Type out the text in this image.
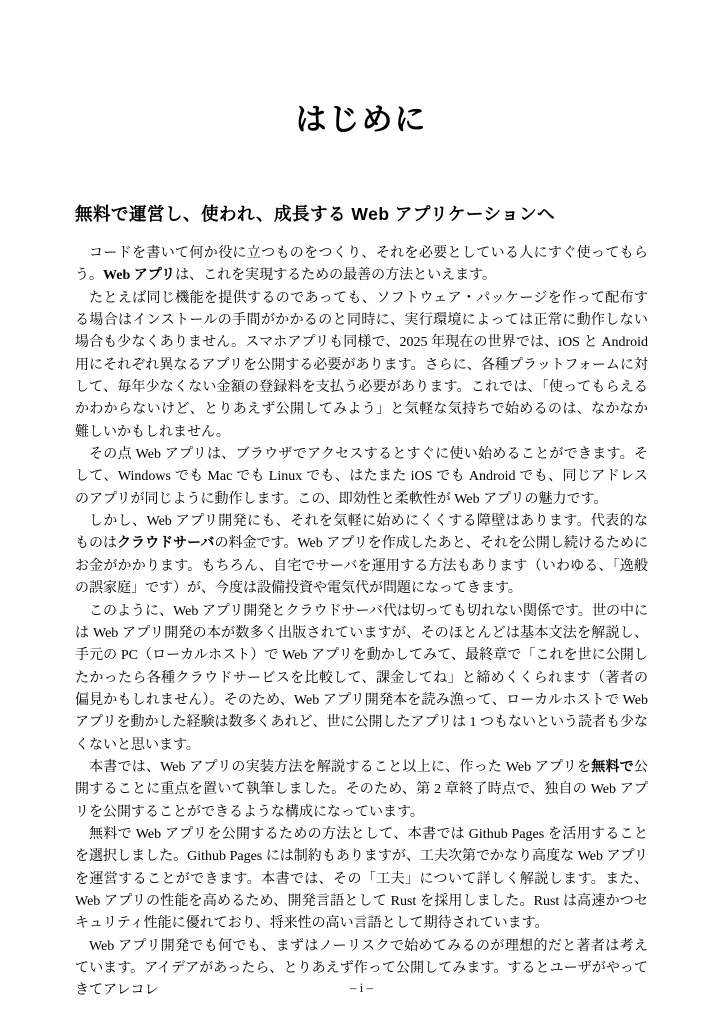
はじめに
無料で運営し、使われ、成長する Web アプリケーションへ

コードを書いて何か役に立つものをつくり、それを必要としている人にすぐ使ってもらう。Web アプリは、これを実現するための最善の方法といえます。

たとえば同じ機能を提供するのであっても、ソフトウェア・パッケージを作って配布する場合はインストールの手間がかかるのと同時に、実行環境によっては正常に動作しない場合も少なくありません。スマホアプリも同様で、2025 年現在の世界では、iOS と Android 用にそれぞれ異なるアプリを公開する必要があります。さらに、各種プラットフォームに対して、毎年少なくない金額の登録料を支払う必要があります。これでは、「使ってもらえるかわからないけど、とりあえず公開してみよう」と気軽な気持ちで始めるのは、なかなか難しいかもしれません。

その点 Web アプリは、ブラウザでアクセスするとすぐに使い始めることができます。そして、Windows でも Mac でも Linux でも、はたまた iOS でも Android でも、同じアドレスのアプリが同じように動作します。この、即効性と柔軟性が Web アプリの魅力です。

しかし、Web アプリ開発にも、それを気軽に始めにくくする障壁はあります。代表的なものはクラウドサーバの料金です。Web アプリを作成したあと、それを公開し続けるためにお金がかかります。もちろん、自宅でサーバを運用する方法もあります（いわゆる、「逸般の誤家庭」です）が、今度は設備投資や電気代が問題になってきます。

このように、Web アプリ開発とクラウドサーバ代は切っても切れない関係です。世の中には Web アプリ開発の本が数多く出版されていますが、そのほとんどは基本文法を解説し、手元の PC（ローカルホスト）で Web アプリを動かしてみて、最終章で「これを世に公開したかったら各種クラウドサービスを比較して、課金してね」と締めくくられます（著者の偏見かもしれません）。そのため、Web アプリ開発本を読み漁って、ローカルホストで Web アプリを動かした経験は数多くあれど、世に公開したアプリは 1 つもないという読者も少なくないと思います。

本書では、Web アプリの実装方法を解説すること以上に、作った Web アプリを無料で公開することに重点を置いて執筆しました。そのため、第 2 章終了時点で、独自の Web アプリを公開することができるような構成になっています。

無料で Web アプリを公開するための方法として、本書では Github Pages を活用することを選択しました。Github Pages には制約もありますが、工夫次第でかなり高度な Web アプリを運営することができます。本書では、その「工夫」について詳しく解説します。また、Web アプリの性能を高めるため、開発言語として Rust を採用しました。Rust は高速かつセキュリティ性能に優れており、将来性の高い言語として期待されています。

Web アプリ開発でも何でも、まずはノーリスクで始めてみるのが理想的だと著者は考えています。アイデアがあったら、とりあえず作って公開してみます。するとユーザがやってきてアレコレ	– i –
